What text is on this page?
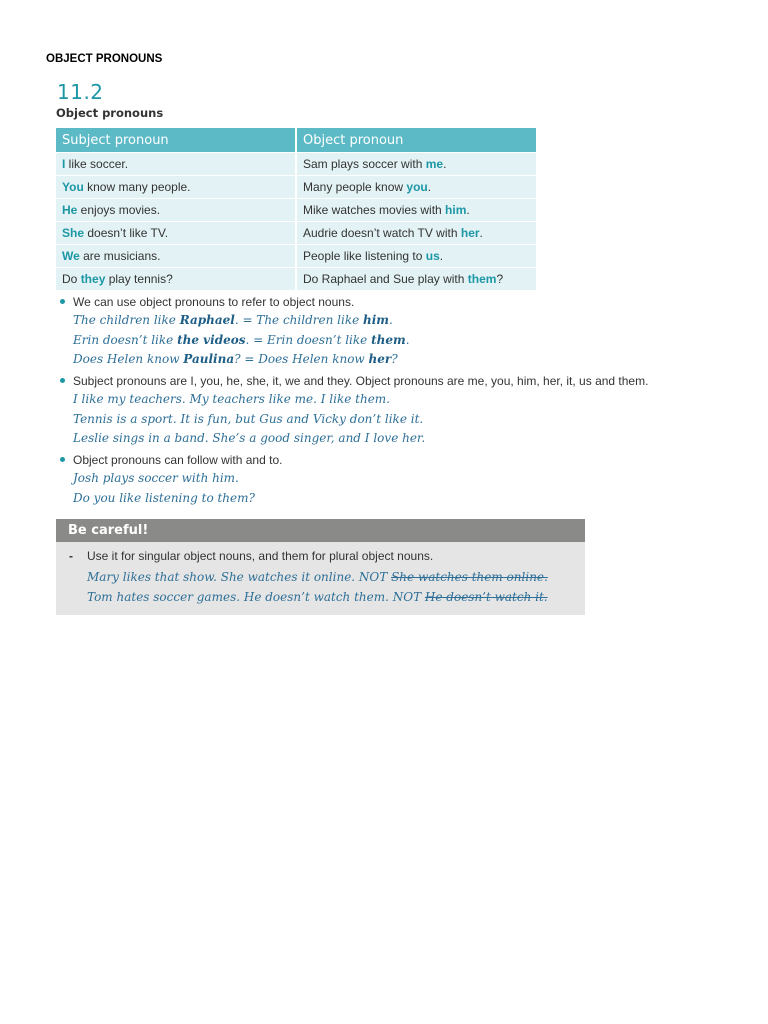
OBJECT PRONOUNS
11.2
Object pronouns
Subject pronoun	Object pronoun
I like soccer.	Sam plays soccer with me.
You know many people.	Many people know you.
He enjoys movies.	Mike watches movies with him.
She doesn’t like TV.	Audrie doesn’t watch TV with her.
We are musicians.	People like listening to us.
Do they play tennis?	Do Raphael and Sue play with them?
We can use object pronouns to refer to object nouns.
The children like Raphael. = The children like him.
Erin doesn’t like the videos. = Erin doesn’t like them.
Does Helen know Paulina? = Does Helen know her?
Subject pronouns are I, you, he, she, it, we and they. Object pronouns are me, you, him, her, it, us and them.
I like my teachers. My teachers like me. I like them.
Tennis is a sport. It is fun, but Gus and Vicky don’t like it.
Leslie sings in a band. She’s a good singer, and I love her.
Object pronouns can follow with and to.
Josh plays soccer with him.
Do you like listening to them?
Be careful!
- Use it for singular object nouns, and them for plural object nouns.
Mary likes that show. She watches it online. NOT She watches them online.
Tom hates soccer games. He doesn’t watch them. NOT He doesn’t watch it.
